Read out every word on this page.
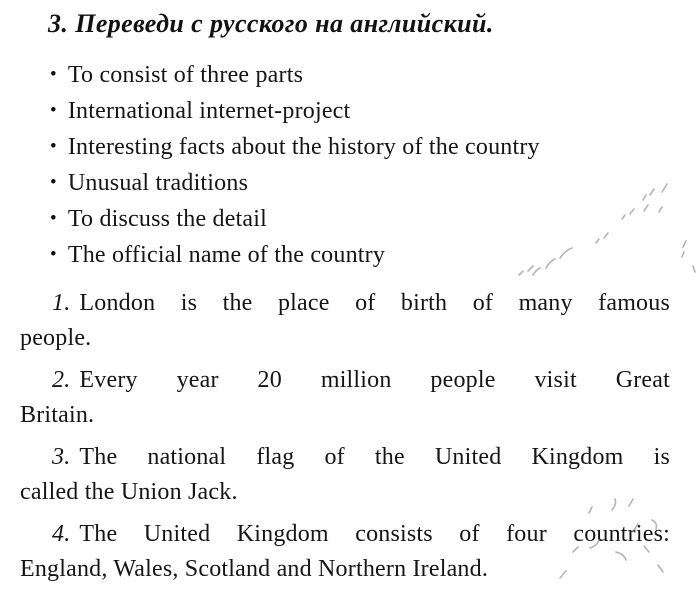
3. Переведи с русского на английский.
• To consist of three parts
• International internet-project
• Interesting facts about the history of the country
• Unusual traditions
• To discuss the detail
• The official name of the country
1. London is the place of birth of many famous
people.
2. Every year 20 million people visit Great
Britain.
3. The national flag of the United Kingdom is
called the Union Jack.
4. The United Kingdom consists of four countries:
England, Wales, Scotland and Northern Ireland.
